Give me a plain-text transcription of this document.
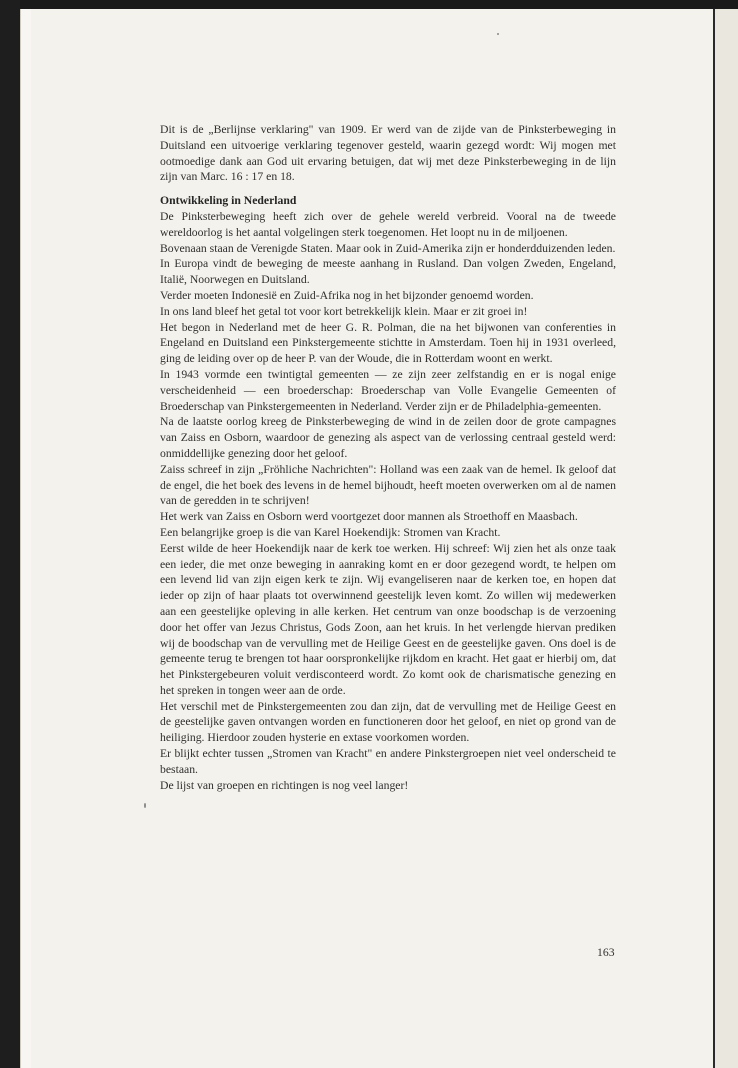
Dit is de „Berlijnse verklaring" van 1909. Er werd van de zijde van de Pinksterbeweging in Duitsland een uitvoerige verklaring tegenover gesteld, waarin gezegd wordt: Wij mogen met ootmoedige dank aan God uit ervaring betuigen, dat wij met deze Pinksterbeweging in de lijn zijn van Marc. 16 : 17 en 18.

Ontwikkeling in Nederland

De Pinksterbeweging heeft zich over de gehele wereld verbreid. Vooral na de tweede wereldoorlog is het aantal volgelingen sterk toegenomen. Het loopt nu in de miljoenen.

Bovenaan staan de Verenigde Staten. Maar ook in Zuid-Amerika zijn er honderdduizenden leden.

In Europa vindt de beweging de meeste aanhang in Rusland. Dan volgen Zweden, Engeland, Italië, Noorwegen en Duitsland.

Verder moeten Indonesië en Zuid-Afrika nog in het bijzonder genoemd worden.

In ons land bleef het getal tot voor kort betrekkelijk klein. Maar er zit groei in!

Het begon in Nederland met de heer G. R. Polman, die na het bijwonen van conferenties in Engeland en Duitsland een Pinkstergemeente stichtte in Amsterdam. Toen hij in 1931 overleed, ging de leiding over op de heer P. van der Woude, die in Rotterdam woont en werkt.

In 1943 vormde een twintigtal gemeenten — ze zijn zeer zelfstandig en er is nogal enige verscheidenheid — een broederschap: Broederschap van Volle Evangelie Gemeenten of Broederschap van Pinkstergemeenten in Nederland. Verder zijn er de Philadelphia-gemeenten.

Na de laatste oorlog kreeg de Pinksterbeweging de wind in de zeilen door de grote campagnes van Zaiss en Osborn, waardoor de genezing als aspect van de verlossing centraal gesteld werd: onmiddellijke genezing door het geloof.

Zaiss schreef in zijn „Fröhliche Nachrichten": Holland was een zaak van de hemel. Ik geloof dat de engel, die het boek des levens in de hemel bijhoudt, heeft moeten overwerken om al de namen van de geredden in te schrijven!

Het werk van Zaiss en Osborn werd voortgezet door mannen als Stroethoff en Maasbach.

Een belangrijke groep is die van Karel Hoekendijk: Stromen van Kracht.

Eerst wilde de heer Hoekendijk naar de kerk toe werken. Hij schreef: Wij zien het als onze taak een ieder, die met onze beweging in aanraking komt en er door gezegend wordt, te helpen om een levend lid van zijn eigen kerk te zijn. Wij evangeliseren naar de kerken toe, en hopen dat ieder op zijn of haar plaats tot overwinnend geestelijk leven komt. Zo willen wij medewerken aan een geestelijke opleving in alle kerken. Het centrum van onze boodschap is de verzoening door het offer van Jezus Christus, Gods Zoon, aan het kruis. In het verlengde hiervan prediken wij de boodschap van de vervulling met de Heilige Geest en de geestelijke gaven. Ons doel is de gemeente terug te brengen tot haar oorspronkelijke rijkdom en kracht. Het gaat er hierbij om, dat het Pinkstergebeuren voluit verdisconteerd wordt. Zo komt ook de charismatische genezing en het spreken in tongen weer aan de orde.

Het verschil met de Pinkstergemeenten zou dan zijn, dat de vervulling met de Heilige Geest en de geestelijke gaven ontvangen worden en functioneren door het geloof, en niet op grond van de heiliging. Hierdoor zouden hysterie en extase voorkomen worden.

Er blijkt echter tussen „Stromen van Kracht" en andere Pinkstergroepen niet veel onderscheid te bestaan.

De lijst van groepen en richtingen is nog veel langer!

163
